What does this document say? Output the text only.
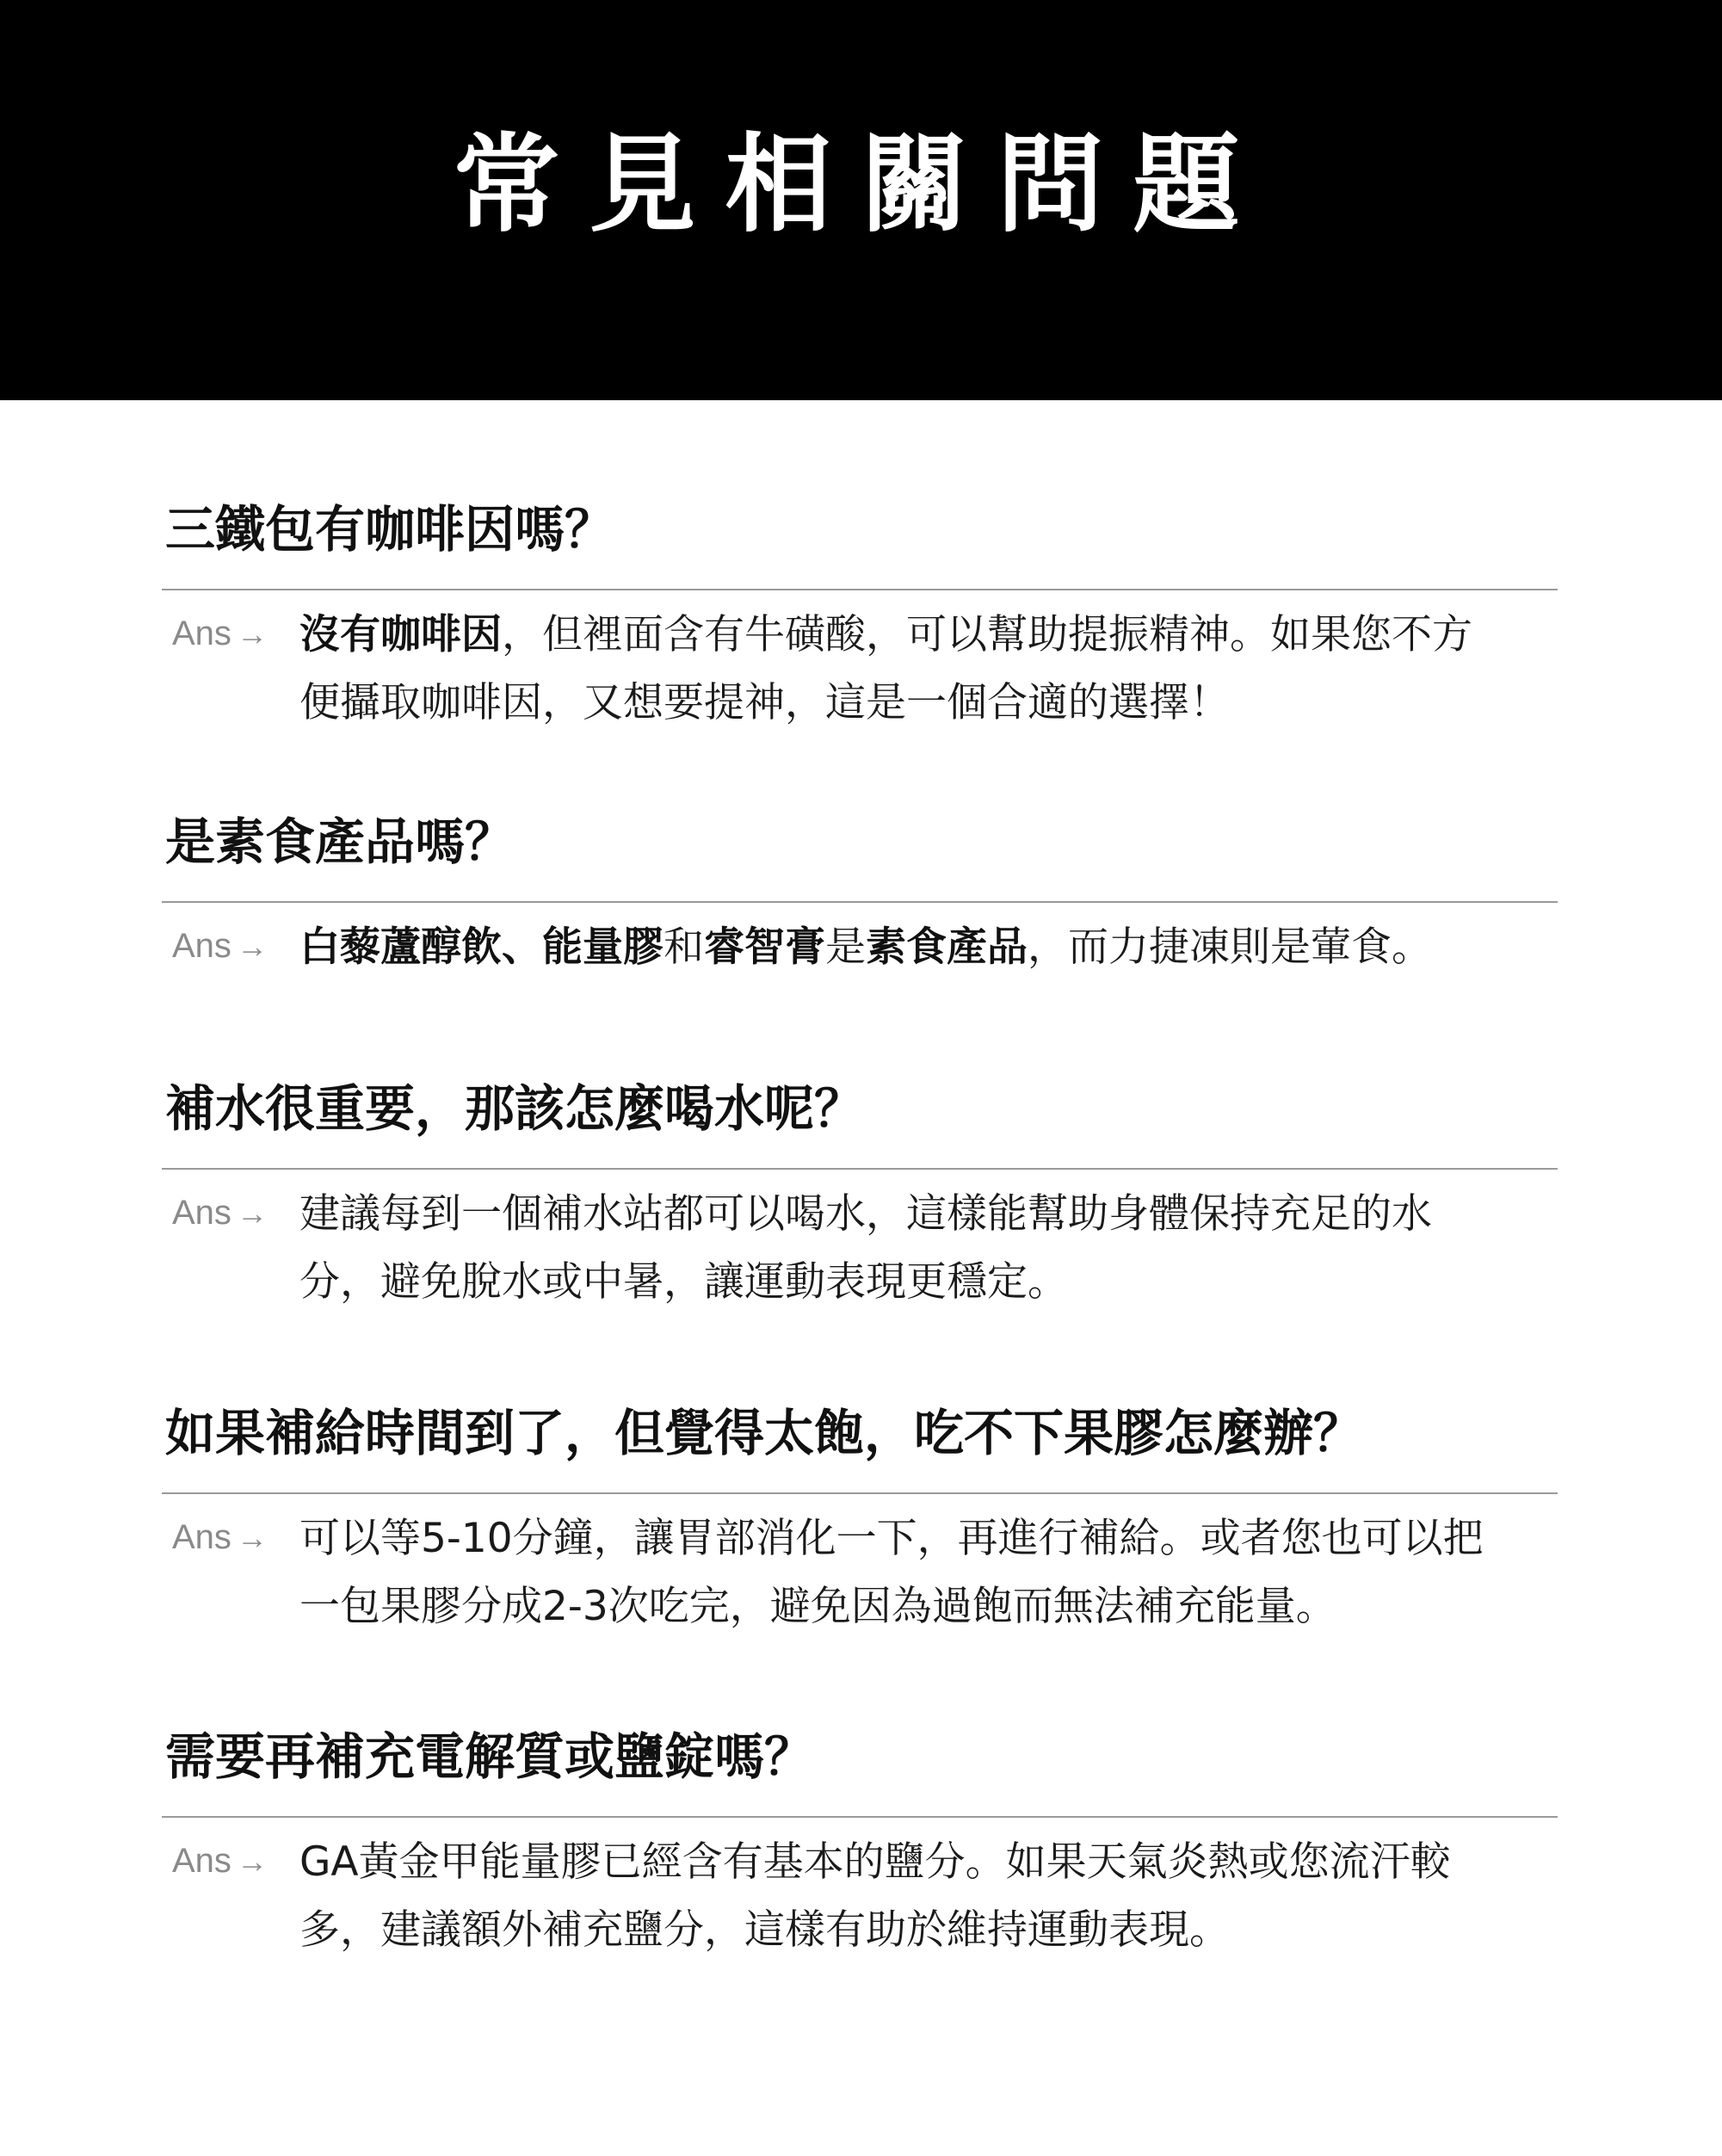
常見相關問題
三鐵包有咖啡因嗎？
Ans → 沒有咖啡因，但裡面含有牛磺酸，可以幫助提振精神。如果您不方
便攝取咖啡因，又想要提神，這是一個合適的選擇！
是素食產品嗎？
Ans → 白藜蘆醇飲、能量膠和睿智膏是素食產品，而力捷凍則是葷食。
補水很重要，那該怎麼喝水呢？
Ans → 建議每到一個補水站都可以喝水，這樣能幫助身體保持充足的水
分，避免脫水或中暑，讓運動表現更穩定。
如果補給時間到了，但覺得太飽，吃不下果膠怎麼辦？
Ans → 可以等5-10分鐘，讓胃部消化一下，再進行補給。或者您也可以把
一包果膠分成2-3次吃完，避免因為過飽而無法補充能量。
需要再補充電解質或鹽錠嗎？
Ans → GA黃金甲能量膠已經含有基本的鹽分。如果天氣炎熱或您流汗較
多，建議額外補充鹽分，這樣有助於維持運動表現。
